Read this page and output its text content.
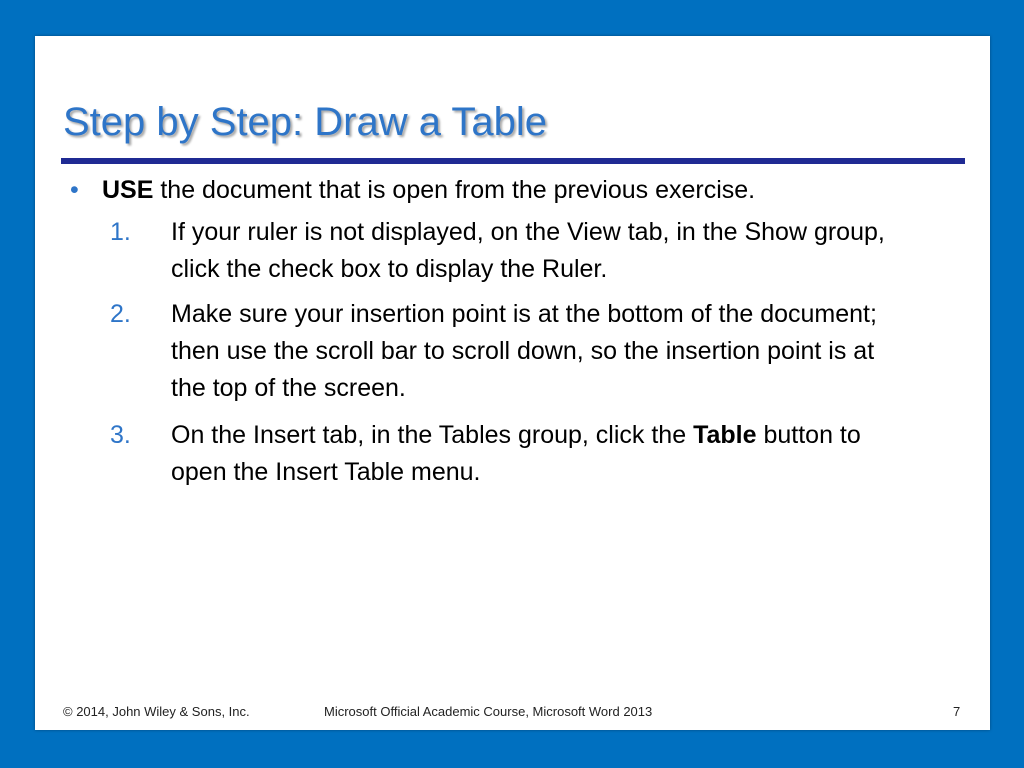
Step by Step: Draw a Table
• USE the document that is open from the previous exercise.
1. If your ruler is not displayed, on the View tab, in the Show group, click the check box to display the Ruler.
2. Make sure your insertion point is at the bottom of the document; then use the scroll bar to scroll down, so the insertion point is at the top of the screen.
3. On the Insert tab, in the Tables group, click the Table button to open the Insert Table menu.
© 2014, John Wiley & Sons, Inc.	Microsoft Official Academic Course, Microsoft Word 2013	7
